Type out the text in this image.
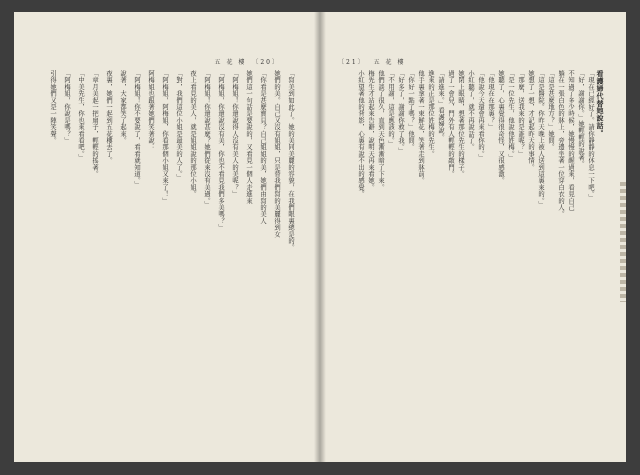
五 花 樓 〔20〕
「寫美到如此了。她的美同美麗的容貌，在我們眼裏總是的。
她們的美。自己又沒有姐姐，只是替我們寫的美麗得到女
「你看是甚麼寶貝？自己姐姐的美，她們由寫的美人
她們這一句話是要說的，又看見一個人走進來
「阿梅姐！你還說得人沒有美人的美呢？」
「阿梅姐，你還說沒有美，你也不看見我們多美嗎？」
「阿梅姐！你還說甚麼？她們從來沒有美過。」
夜上看見的美人，就是姐姐說的那位小姐。
「對，我們這位小姐是最美的人了。」
「阿梅姐，阿梅姐，你看那個小姐又來了！」
阿梅姐也跟著她們笑著說：
「阿梅姐！你不要說了，看看就知道。」
說著，大家都笑了起來。
夜裏，她們一起到五花樓去了。
「章月美起一把扇子，輕輕的搖著。
「中美先生，你也來看看吧。」
「阿梅姐，你說是嗎？」
引得她們又是一陣笑聲。
〔21〕 五 花 樓
看護婦代替她說話。
「現在已經好了。請你靜靜的休息一下吧。」
「好，謝謝你。」她輕輕的說著。
不知過了多少時候，她慢慢的醒過來，看見自己
躺在一張白色的牀上，旁邊坐著一位穿白衣的人。
「這是甚麼地方？」她問。
「這是醫院。你昨天晚上被人送到這裏來的。」
她想了一想，才記起昨天的事情。
「那麼，送我來的是誰呢？」
「是一位先生，他說他姓梅。」
她聽了，心裏覺得很奇怪，又很感激。
「他現在在那裏？」
「他說今天還會再來看你的。」
小紅聽了，就不再說話了。
她閉上眼睛，想著那位先生的樣子。
過了一會兒，門外有人輕輕的敲門。
「請進來。」看護婦說。
進來的正是那位姓梅的先生。
他手裏拿著一束鮮花，笑著走到牀前。
「你好一點了嗎？」他問。
「好多了，謝謝你救了我。」
「不用謝，這是應該的。」
他們談了很久，直到天色漸漸暗了下來。
梅先生才站起來告辭，說明天再來看她。
小紅望著他的背影，心裏有說不出的感覺。
